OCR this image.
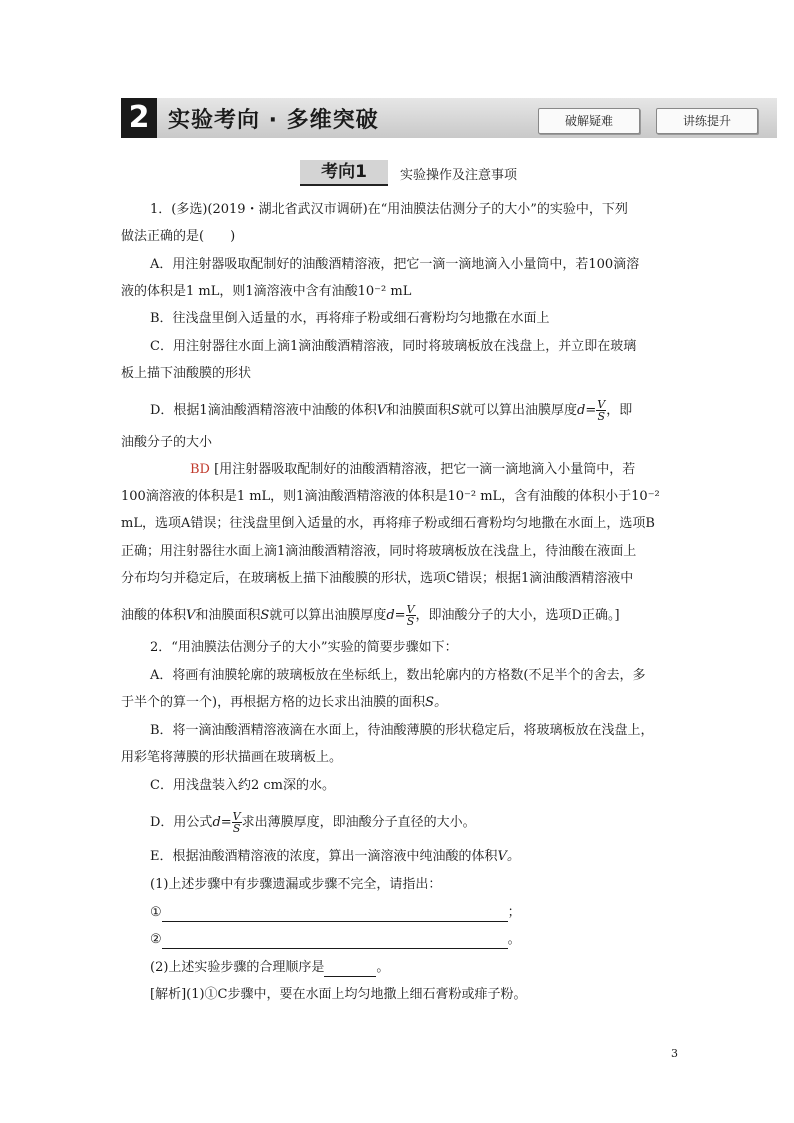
2 实验考向 · 多维突破	破解疑难	讲练提升
考向1	实验操作及注意事项
1．(多选)(2019・湖北省武汉市调研)在“用油膜法估测分子的大小”的实验中，下列
做法正确的是(　　)
A．用注射器吸取配制好的油酸酒精溶液，把它一滴一滴地滴入小量筒中，若100滴溶
液的体积是1 mL，则1滴溶液中含有油酸10⁻² mL
B．往浅盘里倒入适量的水，再将痱子粉或细石膏粉均匀地撒在水面上
C．用注射器往水面上滴1滴油酸酒精溶液，同时将玻璃板放在浅盘上，并立即在玻璃
板上描下油酸膜的形状
D．根据1滴油酸酒精溶液中油酸的体积V和油膜面积S就可以算出油膜厚度$d= \frac{V}{S}$ ，即
油酸分子的大小
BD [用注射器吸取配制好的油酸酒精溶液，把它一滴一滴地滴入小量筒中，若
100滴溶液的体积是1 mL，则1滴油酸酒精溶液的体积是10⁻² mL，含有油酸的体积小于10⁻²
mL，选项A错误；往浅盘里倒入适量的水，再将痱子粉或细石膏粉均匀地撒在水面上，选项B
正确；用注射器往水面上滴1滴油酸酒精溶液，同时将玻璃板放在浅盘上，待油酸在液面上
分布均匀并稳定后，在玻璃板上描下油酸膜的形状，选项C错误；根据1滴油酸酒精溶液中
油酸的体积V和油膜面积S就可以算出油膜厚度$d= \frac{V}{S}$ ，即油酸分子的大小，选项D正确。]
2．“用油膜法估测分子的大小”实验的简要步骤如下：
A．将画有油膜轮廓的玻璃板放在坐标纸上，数出轮廓内的方格数(不足半个的舍去，多
于半个的算一个)，再根据方格的边长求出油膜的面积S。
B．将一滴油酸酒精溶液滴在水面上，待油酸薄膜的形状稳定后，将玻璃板放在浅盘上，
用彩笔将薄膜的形状描画在玻璃板上。
C．用浅盘装入约2 cm深的水。
D．用公式$d= \frac{V}{S}$ 求出薄膜厚度，即油酸分子直径的大小。
E．根据油酸酒精溶液的浓度，算出一滴溶液中纯油酸的体积V。
(1)上述步骤中有步骤遗漏或步骤不完全，请指出：
①	；
②	。
(2)上述实验步骤的合理顺序是	。
[解析](1)①C步骤中，要在水面上均匀地撒上细石膏粉或痱子粉。
3
